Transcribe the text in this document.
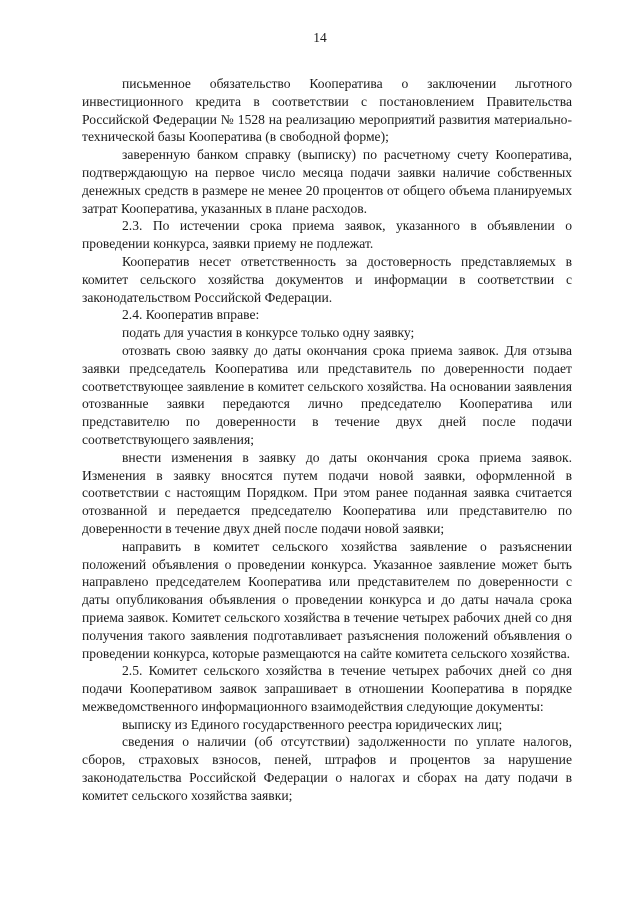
14

письменное обязательство Кооператива о заключении льготного инвестиционного кредита в соответствии с постановлением Правительства Российской Федерации № 1528 на реализацию мероприятий развития материально-технической базы Кооператива (в свободной форме);

заверенную банком справку (выписку) по расчетному счету Кооператива, подтверждающую на первое число месяца подачи заявки наличие собственных денежных средств в размере не менее 20 процентов от общего объема планируемых затрат Кооператива, указанных в плане расходов.

2.3. По истечении срока приема заявок, указанного в объявлении о проведении конкурса, заявки приему не подлежат.

Кооператив несет ответственность за достоверность представляемых в комитет сельского хозяйства документов и информации в соответствии с законодательством Российской Федерации.

2.4. Кооператив вправе:

подать для участия в конкурсе только одну заявку;

отозвать свою заявку до даты окончания срока приема заявок. Для отзыва заявки председатель Кооператива или представитель по доверенности подает соответствующее заявление в комитет сельского хозяйства. На основании заявления отозванные заявки передаются лично председателю Кооператива или представителю по доверенности в течение двух дней после подачи соответствующего заявления;

внести изменения в заявку до даты окончания срока приема заявок. Изменения в заявку вносятся путем подачи новой заявки, оформленной в соответствии с настоящим Порядком. При этом ранее поданная заявка считается отозванной и передается председателю Кооператива или представителю по доверенности в течение двух дней после подачи новой заявки;

направить в комитет сельского хозяйства заявление о разъяснении положений объявления о проведении конкурса. Указанное заявление может быть направлено председателем Кооператива или представителем по доверенности с даты опубликования объявления о проведении конкурса и до даты начала срока приема заявок. Комитет сельского хозяйства в течение четырех рабочих дней со дня получения такого заявления подготавливает разъяснения положений объявления о проведении конкурса, которые размещаются на сайте комитета сельского хозяйства.

2.5. Комитет сельского хозяйства в течение четырех рабочих дней со дня подачи Кооперативом заявок запрашивает в отношении Кооператива в порядке межведомственного информационного взаимодействия следующие документы:

выписку из Единого государственного реестра юридических лиц;

сведения о наличии (об отсутствии) задолженности по уплате налогов, сборов, страховых взносов, пеней, штрафов и процентов за нарушение законодательства Российской Федерации о налогах и сборах на дату подачи в комитет сельского хозяйства заявки;
